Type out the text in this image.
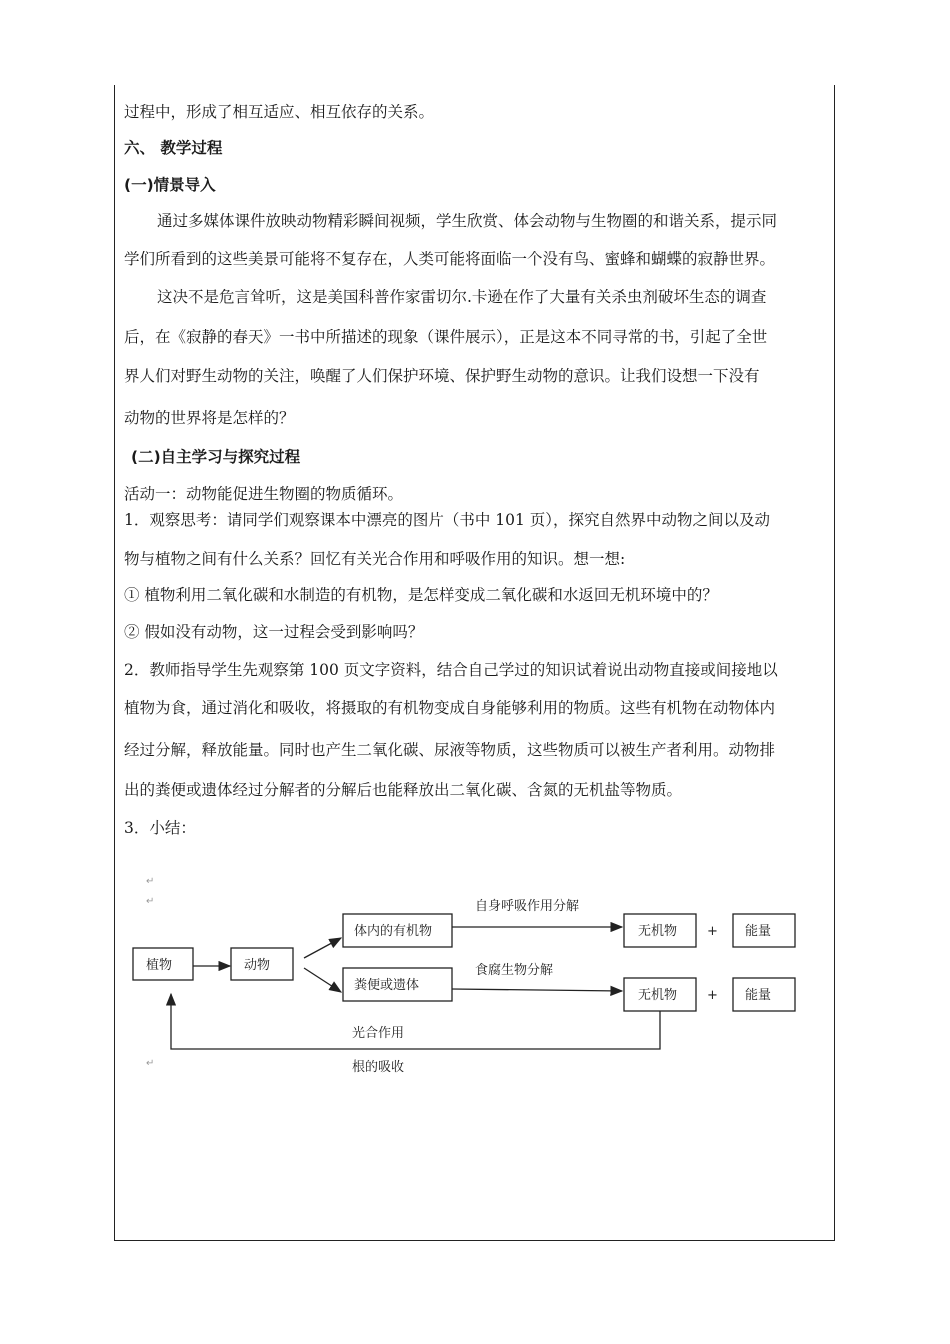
过程中，形成了相互适应、相互依存的关系。
六、 教学过程
(一)情景导入
通过多媒体课件放映动物精彩瞬间视频，学生欣赏、体会动物与生物圈的和谐关系，提示同
学们所看到的这些美景可能将不复存在，人类可能将面临一个没有鸟、蜜蜂和蝴蝶的寂静世界。
这决不是危言耸听，这是美国科普作家雷切尔.卡逊在作了大量有关杀虫剂破坏生态的调查
后，在《寂静的春天》一书中所描述的现象（课件展示），正是这本不同寻常的书，引起了全世
界人们对野生动物的关注，唤醒了人们保护环境、保护野生动物的意识。让我们设想一下没有
动物的世界将是怎样的？
(二)自主学习与探究过程
活动一：动物能促进生物圈的物质循环。
1．观察思考：请同学们观察课本中漂亮的图片（书中 101 页），探究自然界中动物之间以及动
物与植物之间有什么关系？回忆有关光合作用和呼吸作用的知识。想一想:
① 植物利用二氧化碳和水制造的有机物，是怎样变成二氧化碳和水返回无机环境中的？
② 假如没有动物，这一过程会受到影响吗？
2．教师指导学生先观察第 100 页文字资料，结合自己学过的知识试着说出动物直接或间接地以
植物为食，通过消化和吸收，将摄取的有机物变成自身能够利用的物质。这些有机物在动物体内
经过分解，释放能量。同时也产生二氧化碳、尿液等物质，这些物质可以被生产者利用。动物排
出的粪便或遗体经过分解者的分解后也能释放出二氧化碳、含氮的无机盐等物质。
3．小结：
植物	动物
体内的有机物
粪便或遗体
无机物
无机物
+
+
能量
能量
自身呼吸作用分解
食腐生物分解
光合作用
根的吸收
↵
↵
↵
